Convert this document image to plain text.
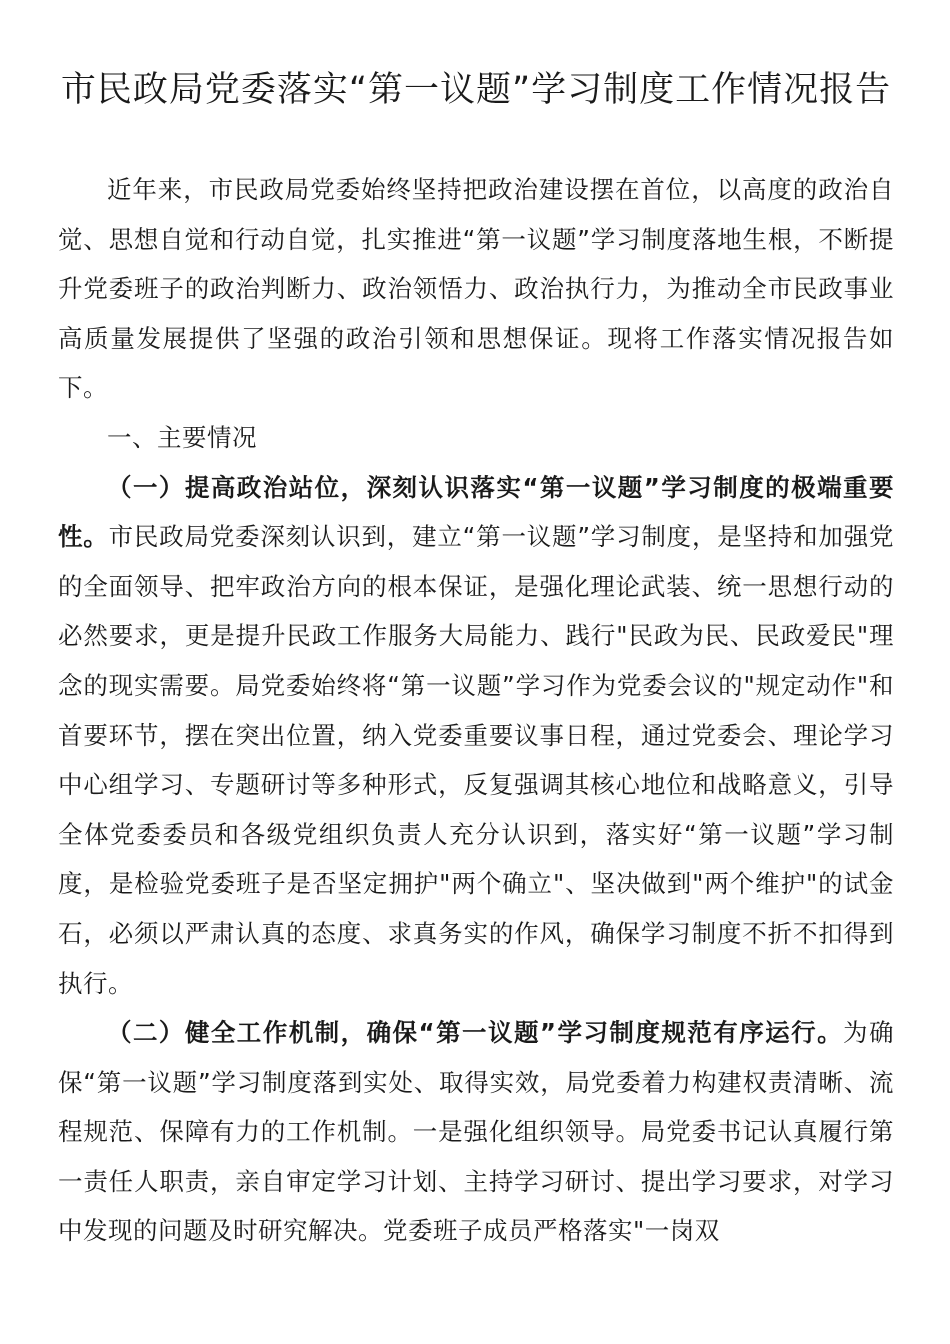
市民政局党委落实“第一议题”学习制度工作情况报告

近年来，市民政局党委始终坚持把政治建设摆在首位，以高度的政治自觉、思想自觉和行动自觉，扎实推进“第一议题”学习制度落地生根，不断提升党委班子的政治判断力、政治领悟力、政治执行力，为推动全市民政事业高质量发展提供了坚强的政治引领和思想保证。现将工作落实情况报告如下。

一、主要情况

（一）提高政治站位，深刻认识落实“第一议题”学习制度的极端重要性。市民政局党委深刻认识到，建立“第一议题”学习制度，是坚持和加强党的全面领导、把牢政治方向的根本保证，是强化理论武装、统一思想行动的必然要求，更是提升民政工作服务大局能力、践行"民政为民、民政爱民"理念的现实需要。局党委始终将“第一议题”学习作为党委会议的"规定动作"和首要环节，摆在突出位置，纳入党委重要议事日程，通过党委会、理论学习中心组学习、专题研讨等多种形式，反复强调其核心地位和战略意义，引导全体党委委员和各级党组织负责人充分认识到，落实好“第一议题”学习制度，是检验党委班子是否坚定拥护"两个确立"、坚决做到"两个维护"的试金石，必须以严肃认真的态度、求真务实的作风，确保学习制度不折不扣得到执行。

（二）健全工作机制，确保“第一议题”学习制度规范有序运行。为确保“第一议题”学习制度落到实处、取得实效，局党委着力构建权责清晰、流程规范、保障有力的工作机制。一是强化组织领导。局党委书记认真履行第一责任人职责，亲自审定学习计划、主持学习研讨、提出学习要求，对学习中发现的问题及时研究解决。党委班子成员严格落实"一岗双
